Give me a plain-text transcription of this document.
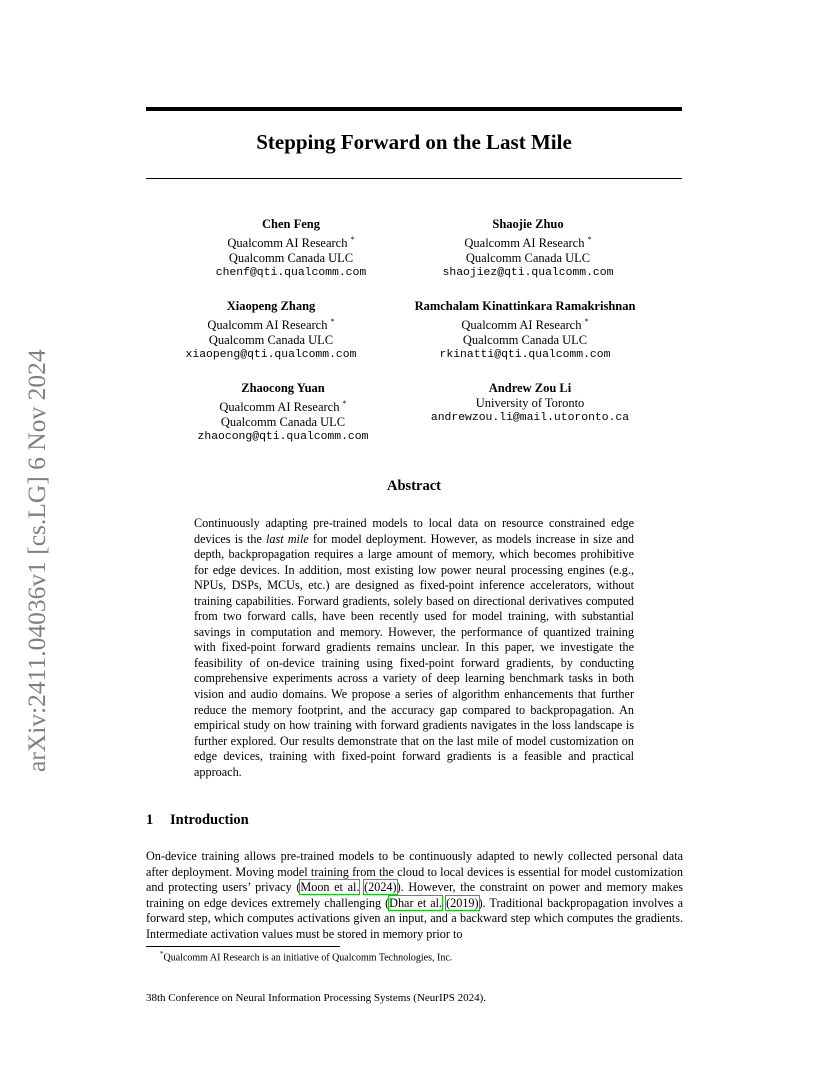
arXiv:2411.04036v1 [cs.LG] 6 Nov 2024
Stepping Forward on the Last Mile
Chen Feng
Qualcomm AI Research *
Qualcomm Canada ULC
chenf@qti.qualcomm.com
Shaojie Zhuo
Qualcomm AI Research *
Qualcomm Canada ULC
shaojiez@qti.qualcomm.com
Xiaopeng Zhang
Qualcomm AI Research *
Qualcomm Canada ULC
xiaopeng@qti.qualcomm.com
Ramchalam Kinattinkara Ramakrishnan
Qualcomm AI Research *
Qualcomm Canada ULC
rkinatti@qti.qualcomm.com
Zhaocong Yuan
Qualcomm AI Research *
Qualcomm Canada ULC
zhaocong@qti.qualcomm.com
Andrew Zou Li
University of Toronto
andrewzou.li@mail.utoronto.ca
Abstract

Continuously adapting pre-trained models to local data on resource constrained edge devices is the last mile for model deployment. However, as models increase in size and depth, backpropagation requires a large amount of memory, which becomes prohibitive for edge devices. In addition, most existing low power neural processing engines (e.g., NPUs, DSPs, MCUs, etc.) are designed as fixed-point inference accelerators, without training capabilities. Forward gradients, solely based on directional derivatives computed from two forward calls, have been recently used for model training, with substantial savings in computation and memory. However, the performance of quantized training with fixed-point forward gradients remains unclear. In this paper, we investigate the feasibility of on-device training using fixed-point forward gradients, by conducting comprehensive experiments across a variety of deep learning benchmark tasks in both vision and audio domains. We propose a series of algorithm enhancements that further reduce the memory footprint, and the accuracy gap compared to backpropagation. An empirical study on how training with forward gradients navigates in the loss landscape is further explored. Our results demonstrate that on the last mile of model customization on edge devices, training with fixed-point forward gradients is a feasible and practical approach.

1 Introduction

On-device training allows pre-trained models to be continuously adapted to newly collected personal data after deployment. Moving model training from the cloud to local devices is essential for model customization and protecting users’ privacy (Moon et al. (2024)). However, the constraint on power and memory makes training on edge devices extremely challenging (Dhar et al. (2019)). Traditional backpropagation involves a forward step, which computes activations given an input, and a backward step which computes the gradients. Intermediate activation values must be stored in memory prior to

*Qualcomm AI Research is an initiative of Qualcomm Technologies, Inc.
38th Conference on Neural Information Processing Systems (NeurIPS 2024).
